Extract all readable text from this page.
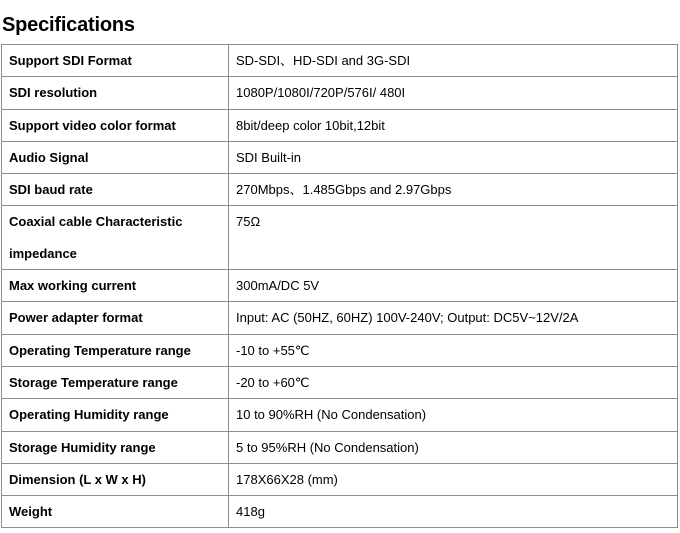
Specifications
Support SDI Format	SD-SDI、HD-SDI and 3G-SDI
SDI resolution	1080P/1080I/720P/576I/ 480I
Support video color format	8bit/deep color 10bit,12bit
Audio Signal	SDI Built-in
SDI baud rate	270Mbps、1.485Gbps and 2.97Gbps

Coaxial cable Characteristic
impedance	75Ω
Max working current	300mA/DC 5V
Power adapter format	Input: AC (50HZ, 60HZ) 100V-240V; Output: DC5V~12V/2A
Operating Temperature range	-10 to +55℃
Storage Temperature range	-20 to +60℃
Operating Humidity range	10 to 90%RH (No Condensation)
Storage Humidity range	5 to 95%RH (No Condensation)
Dimension (L x W x H)	178X66X28 (mm)
Weight	418g
